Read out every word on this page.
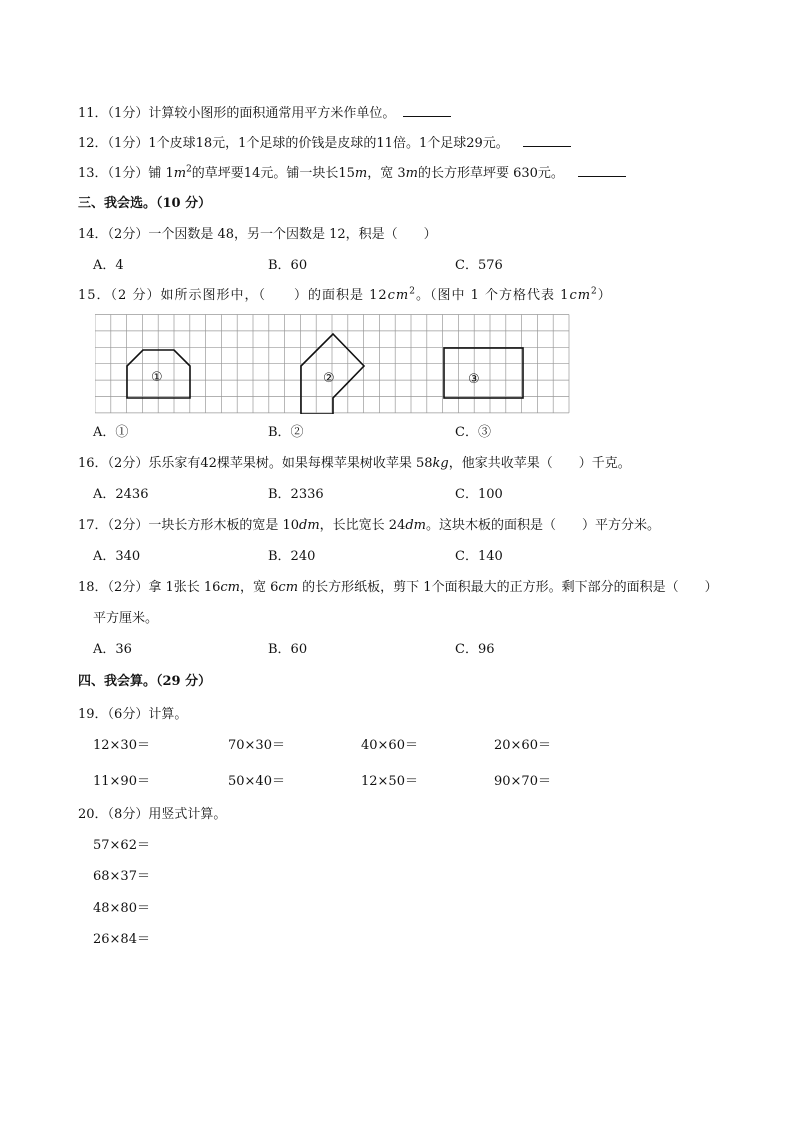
11．（1分）计算较小图形的面积通常用平方米作单位。
12．（1分）1个皮球18元，1个足球的价钱是皮球的11倍。1个足球29元。
13．（1分）铺 $1m^2$的草坪要14元。铺一块长15m，宽 3m的长方形草坪要 630元。
三、我会选。（10 分）
14．（2分）一个因数是 48，另一个因数是 12，积是（　　）
A．4	B．60	C．576
15．（2 分）如所示图形中，（　　）的面积是 $12cm^2$。（图中 1 个方格代表 $1cm^2$）
①	②	③
A．①	B．②	C．③
16．（2分）乐乐家有42棵苹果树。如果每棵苹果树收苹果 58kg，他家共收苹果（　　）千克。
A．2436	B．2336	C．100
17．（2分）一块长方形木板的宽是 10dm，长比宽长 24dm。这块木板的面积是（　　）平方分米。
A．340	B．240	C．140
18．（2分）拿 1张长 16cm，宽 6cm 的长方形纸板，剪下 1个面积最大的正方形。剩下部分的面积是（　　）
平方厘米。
A．36	B．60	C．96
四、我会算。（29 分）
19．（6分）计算。
12×30＝	70×30＝	40×60＝	20×60＝
11×90＝	50×40＝	12×50＝	90×70＝
20．（8分）用竖式计算。
57×62＝
68×37＝
48×80＝
26×84＝
